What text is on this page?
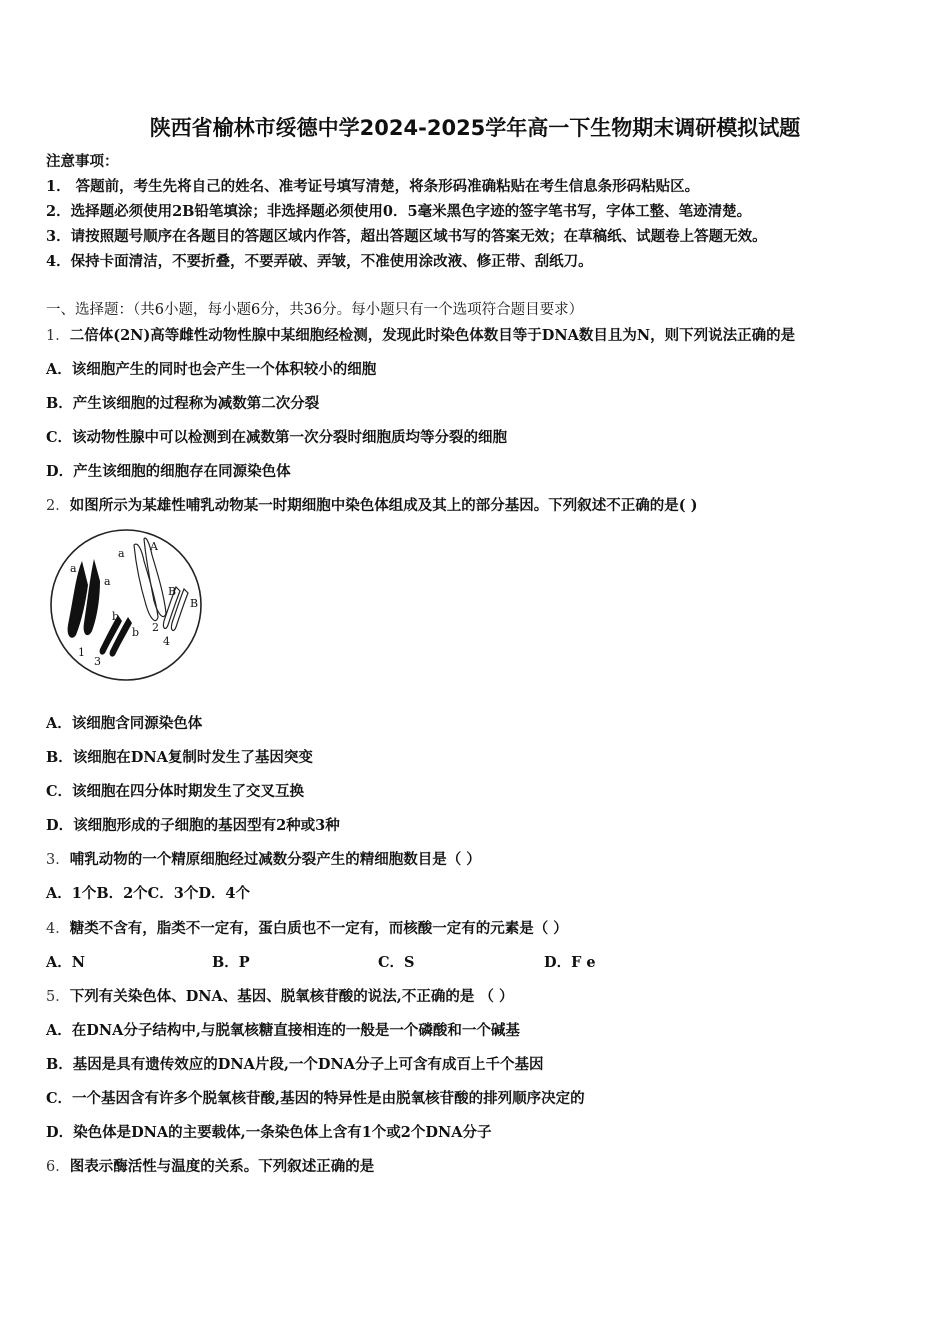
陕西省榆林市绥德中学2024-2025学年高一下生物期末调研模拟试题
注意事项：
1． 答题前，考生先将自己的姓名、准考证号填写清楚，将条形码准确粘贴在考生信息条形码粘贴区。
2．选择题必须使用2B铅笔填涂；非选择题必须使用0．5毫米黑色字迹的签字笔书写，字体工整、笔迹清楚。
3．请按照题号顺序在各题目的答题区域内作答，超出答题区域书写的答案无效；在草稿纸、试题卷上答题无效。
4．保持卡面清洁，不要折叠，不要弄破、弄皱，不准使用涂改液、修正带、刮纸刀。
一、选择题：（共6小题，每小题6分，共36分。每小题只有一个选项符合题目要求）
1．二倍体(2N)高等雌性动物性腺中某细胞经检测，发现此时染色体数目等于DNA数目且为N，则下列说法正确的是
A．该细胞产生的同时也会产生一个体积较小的细胞
B．产生该细胞的过程称为减数第二次分裂
C．该动物性腺中可以检测到在减数第一次分裂时细胞质均等分裂的细胞
D．产生该细胞的细胞存在同源染色体
2．如图所示为某雄性哺乳动物某一时期细胞中染色体组成及其上的部分基因。下列叙述不正确的是( )
a
a
a
A
B
B
b
b
1
2
3
4
A．该细胞含同源染色体
B．该细胞在DNA复制时发生了基因突变
C．该细胞在四分体时期发生了交叉互换
D．该细胞形成的子细胞的基因型有2种或3种
3．哺乳动物的一个精原细胞经过减数分裂产生的精细胞数目是（ ）
A．1个B．2个C．3个D．4个
4．糖类不含有，脂类不一定有，蛋白质也不一定有，而核酸一定有的元素是（ ）
A．N	B．P	C．S	D．F e
5．下列有关染色体、DNA、基因、脱氧核苷酸的说法,不正确的是 （ ）
A．在DNA分子结构中,与脱氧核糖直接相连的一般是一个磷酸和一个碱基
B．基因是具有遗传效应的DNA片段,一个DNA分子上可含有成百上千个基因
C．一个基因含有许多个脱氧核苷酸,基因的特异性是由脱氧核苷酸的排列顺序决定的
D．染色体是DNA的主要载体,一条染色体上含有1个或2个DNA分子
6．图表示酶活性与温度的关系。下列叙述正确的是
